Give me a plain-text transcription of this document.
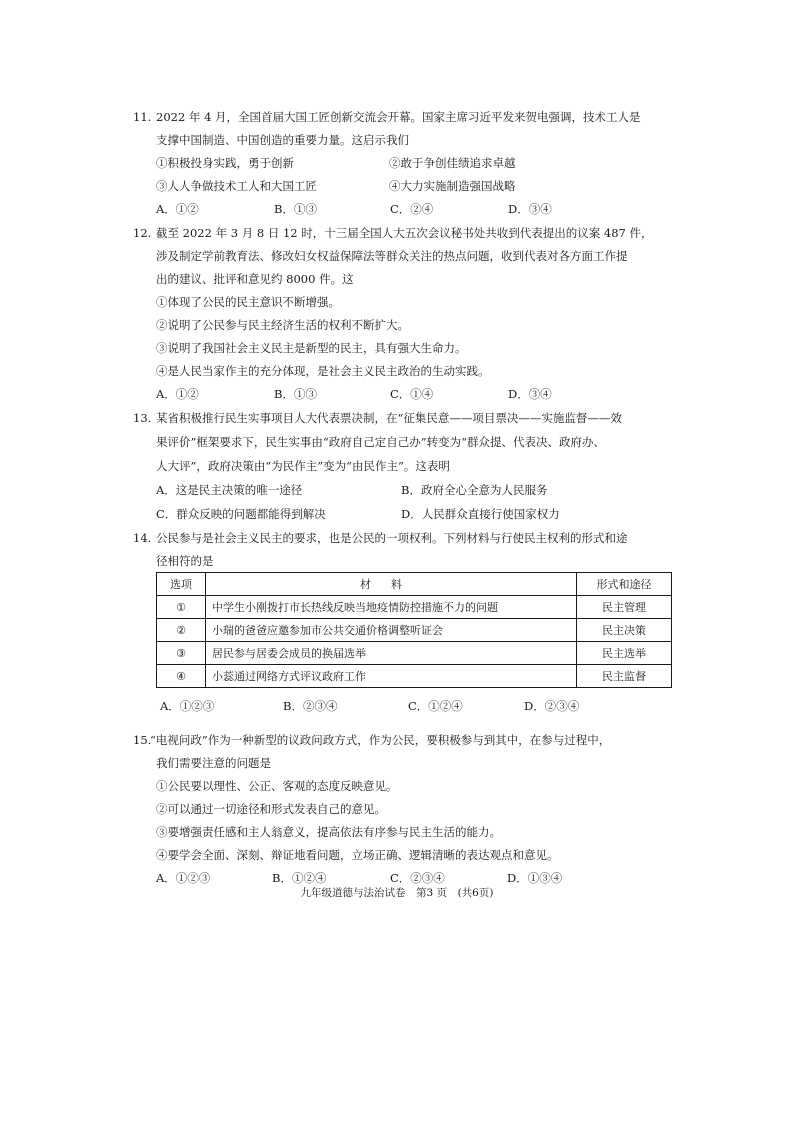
11. 2022 年 4 月，全国首届大国工匠创新交流会开幕。国家主席习近平发来贺电强调，技术工人是
支撑中国制造、中国创造的重要力量。这启示我们
①积极投身实践，勇于创新	②敢于争创佳绩追求卓越
③人人争做技术工人和大国工匠	④大力实施制造强国战略
A．①②	B．①③	C．②④	D．③④
12. 截至 2022 年 3 月 8 日 12 时，十三届全国人大五次会议秘书处共收到代表提出的议案 487 件，
涉及制定学前教育法、修改妇女权益保障法等群众关注的热点问题，收到代表对各方面工作提
出的建议、批评和意见约 8000 件。这
①体现了公民的民主意识不断增强。
②说明了公民参与民主经济生活的权利不断扩大。
③说明了我国社会主义民主是新型的民主，具有强大生命力。
④是人民当家作主的充分体现，是社会主义民主政治的生动实践。
A．①②	B．①③	C．①④	D．③④
13. 某省积极推行民生实事项目人大代表票决制，在“征集民意——项目票决——实施监督——效
果评价”框架要求下，民生实事由“政府自己定自己办”转变为“群众提、代表决、政府办、
人大评”，政府决策由“为民作主”变为“由民作主”。这表明
A．这是民主决策的唯一途径	B．政府全心全意为人民服务
C．群众反映的问题都能得到解决	D．人民群众直接行使国家权力
14. 公民参与是社会主义民主的要求，也是公民的一项权利。下列材料与行使民主权利的形式和途
径相符的是
选项	材料	形式和途径
①	中学生小刚拨打市长热线反映当地疫情防控措施不力的问题	民主管理
②	小瑞的爸爸应邀参加市公共交通价格调整听证会	民主决策
③	居民参与居委会成员的换届选举	民主选举
④	小蕊通过网络方式评议政府工作	民主监督
A．①②③	B．②③④	C．①②④	D．②③④
15.
“电视问政”作为一种新型的议政问政方式，作为公民，要积极参与到其中，在参与过程中，
我们需要注意的问题是
①公民要以理性、公正、客观的态度反映意见。
②可以通过一切途径和形式发表自己的意见。
③要增强责任感和主人翁意义，提高依法有序参与民主生活的能力。
④要学会全面、深刻、辩证地看问题，立场正确、逻辑清晰的表达观点和意见。
A．①②③	B．①②④	C．②③④	D．①③④
九年级道德与法治试卷　第3 页　(共6页)
